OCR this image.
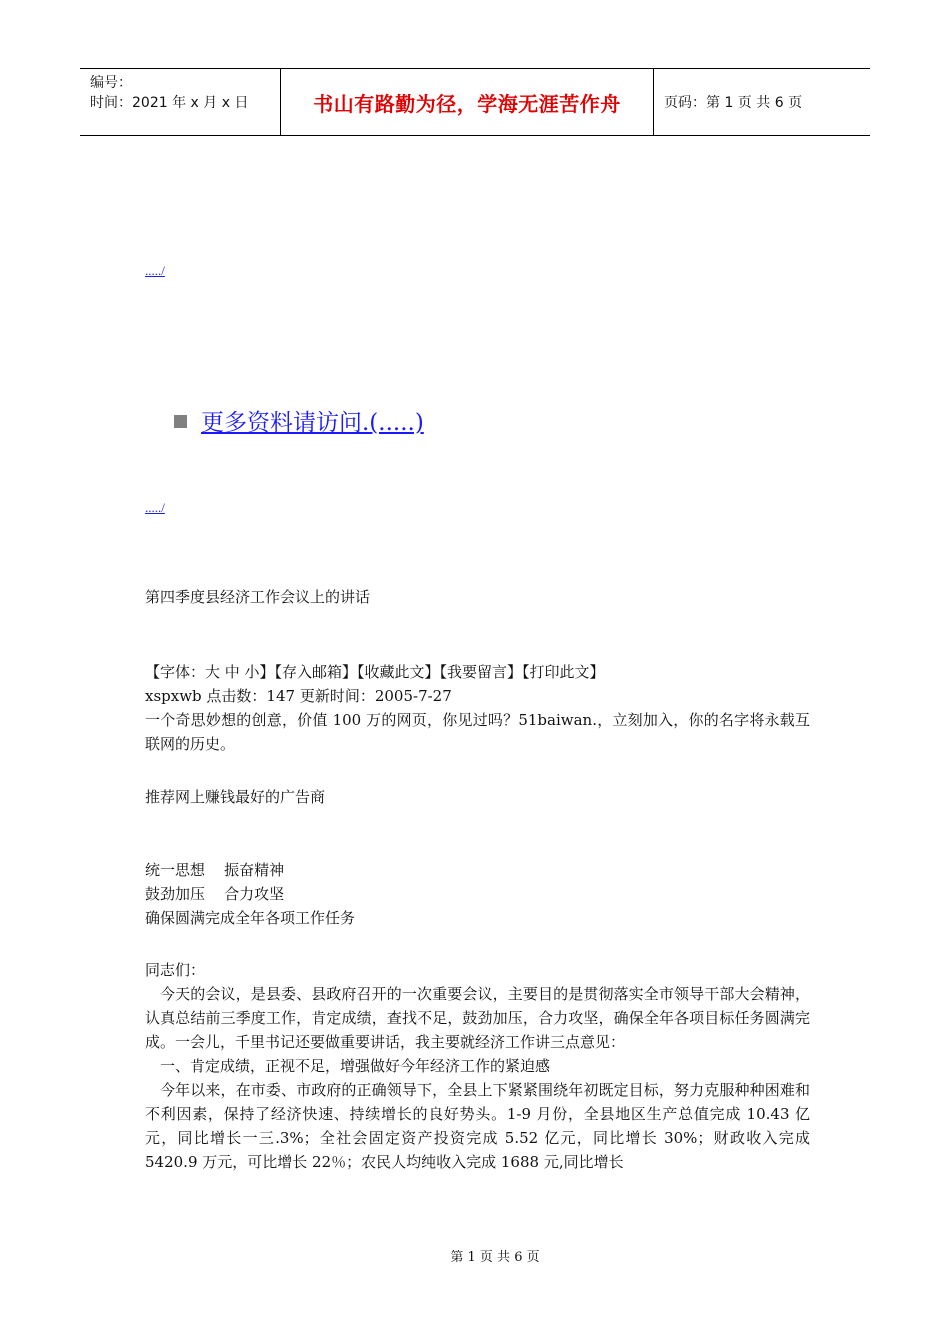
编号：
时间：2021 年 x 月 x 日	书山有路勤为径，学海无涯苦作舟	页码：第 1 页 共 6 页
...../
更多资料请访问.(.....)
...../

第四季度县经济工作会议上的讲话

【字体：大 中 小】【存入邮箱】【收藏此文】【我要留言】【打印此文】

xspxwb 点击数：147 更新时间：2005-7-27

一个奇思妙想的创意，价值 100 万的网页，你见过吗？51baiwan.，立刻加入，你的名字将永载互联网的历史。

推荐网上赚钱最好的广告商

统一思想    振奋精神

鼓劲加压    合力攻坚

确保圆满完成全年各项工作任务

同志们：

今天的会议，是县委、县政府召开的一次重要会议，主要目的是贯彻落实全市领导干部大会精神，认真总结前三季度工作，肯定成绩，查找不足，鼓劲加压，合力攻坚，确保全年各项目标任务圆满完成。一会儿，千里书记还要做重要讲话，我主要就经济工作讲三点意见：

一、肯定成绩，正视不足，增强做好今年经济工作的紧迫感

今年以来，在市委、市政府的正确领导下，全县上下紧紧围绕年初既定目标，努力克服种种困难和不利因素，保持了经济快速、持续增长的良好势头。1-9 月份，全县地区生产总值完成 10.43 亿元，同比增长一三.3%；全社会固定资产投资完成 5.52 亿元，同比增长 30%；财政收入完成 5420.9 万元，可比增长 22％；农民人均纯收入完成 1688 元,同比增长

第 1 页 共 6 页
